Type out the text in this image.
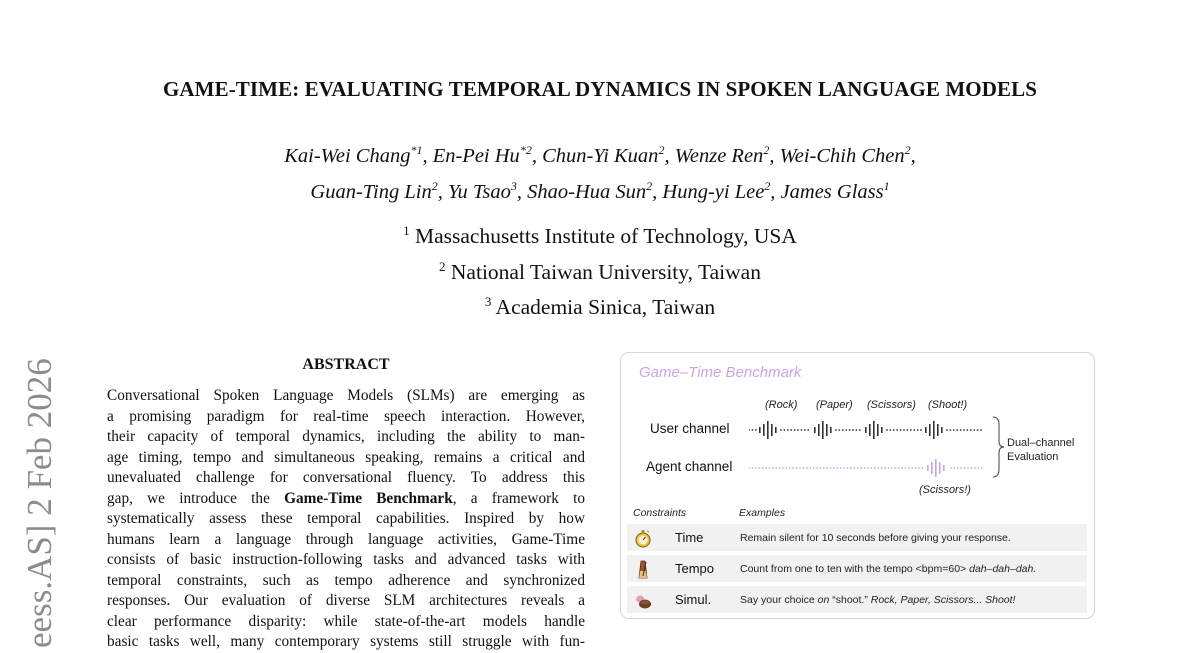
GAME-TIME: EVALUATING TEMPORAL DYNAMICS IN SPOKEN LANGUAGE MODELS
Kai-Wei Chang$^{*1}$, En-Pei Hu$^{*2}$, Chun-Yi Kuan$^2$, Wenze Ren$^2$, Wei-Chih Chen$^2$,
Guan-Ting Lin$^2$, Yu Tsao$^3$, Shao-Hua Sun$^2$, Hung-yi Lee$^2$, James Glass$^1$
$^1$ Massachusetts Institute of Technology, USA
$^2$ National Taiwan University, Taiwan
$^3$ Academia Sinica, Taiwan
eess.AS] 2 Feb 2026	ABSTRACT
Conversational Spoken Language Models (SLMs) are emerging as
a promising paradigm for real-time speech interaction. However,
their capacity of temporal dynamics, including the ability to man-
age timing, tempo and simultaneous speaking, remains a critical and
unevaluated challenge for conversational fluency. To address this
gap, we introduce the Game-Time Benchmark, a framework to
systematically assess these temporal capabilities. Inspired by how
humans learn a language through language activities, Game-Time
consists of basic instruction-following tasks and advanced tasks with
temporal constraints, such as tempo adherence and synchronized
responses. Our evaluation of diverse SLM architectures reveals a
clear performance disparity: while state-of-the-art models handle
basic tasks well, many contemporary systems still struggle with fun-
Game–Time Benchmark
(Rock) (Paper) (Scissors) (Shoot!)
User channel
Agent channel
Dual–channel
Evaluation
(Scissors!)
Constraints	Examples
Time	Remain silent for 10 seconds before giving your response.
Tempo Count from one to ten with the tempo <bpm=60> dah–dah–dah.
Simul.	Say your choice on “shoot.” Rock, Paper, Scissors... Shoot!
